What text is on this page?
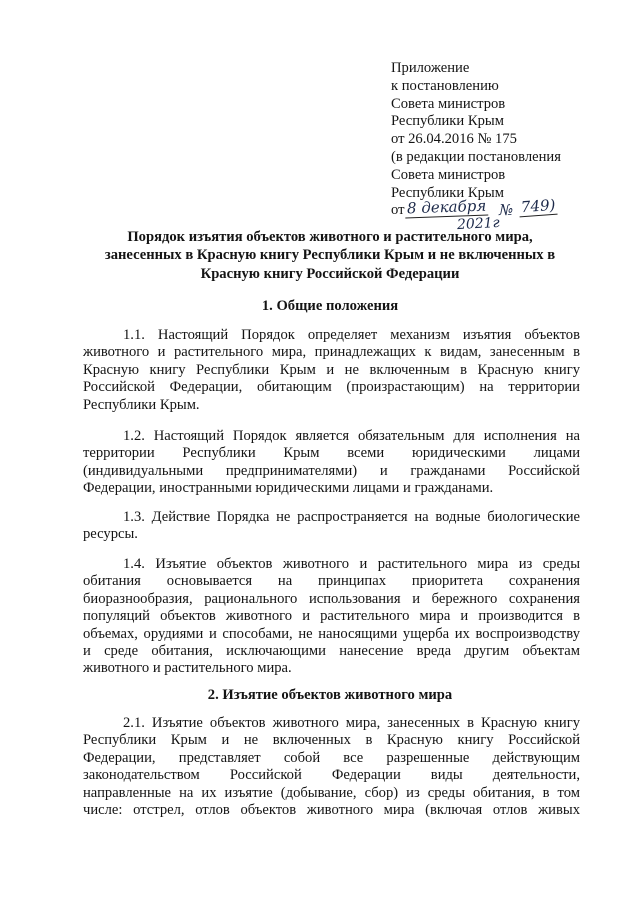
Приложение
к постановлению
Совета министров
Республики Крым
от 26.04.2016 № 175
(в редакции постановления
Совета министров
Республики Крым
от 8 декабря № 749)
2021г
Порядок изъятия объектов животного и растительного мира,
занесенных в Красную книгу Республики Крым и не включенных в
Красную книгу Российской Федерации
1. Общие положения
1.1. Настоящий Порядок определяет механизм изъятия объектов
животного и растительного мира, принадлежащих к видам, занесенным в
Красную книгу Республики Крым и не включенным в Красную книгу
Российской Федерации, обитающим (произрастающим) на территории
Республики Крым.
1.2. Настоящий Порядок является обязательным для исполнения на
территории Республики Крым всеми юридическими лицами
(индивидуальными предпринимателями) и гражданами Российской
Федерации, иностранными юридическими лицами и гражданами.
1.3. Действие Порядка не распространяется на водные биологические
ресурсы.
1.4. Изъятие объектов животного и растительного мира из среды
обитания основывается на принципах приоритета сохранения
биоразнообразия, рационального использования и бережного сохранения
популяций объектов животного и растительного мира и производится в
объемах, орудиями и способами, не наносящими ущерба их воспроизводству
и среде обитания, исключающими нанесение вреда другим объектам
животного и растительного мира.
2. Изъятие объектов животного мира
2.1. Изъятие объектов животного мира, занесенных в Красную книгу
Республики Крым и не включенных в Красную книгу Российской
Федерации, представляет собой все разрешенные действующим
законодательством Российской Федерации виды деятельности,
направленные на их изъятие (добывание, сбор) из среды обитания, в том
числе: отстрел, отлов объектов животного мира (включая отлов живых
